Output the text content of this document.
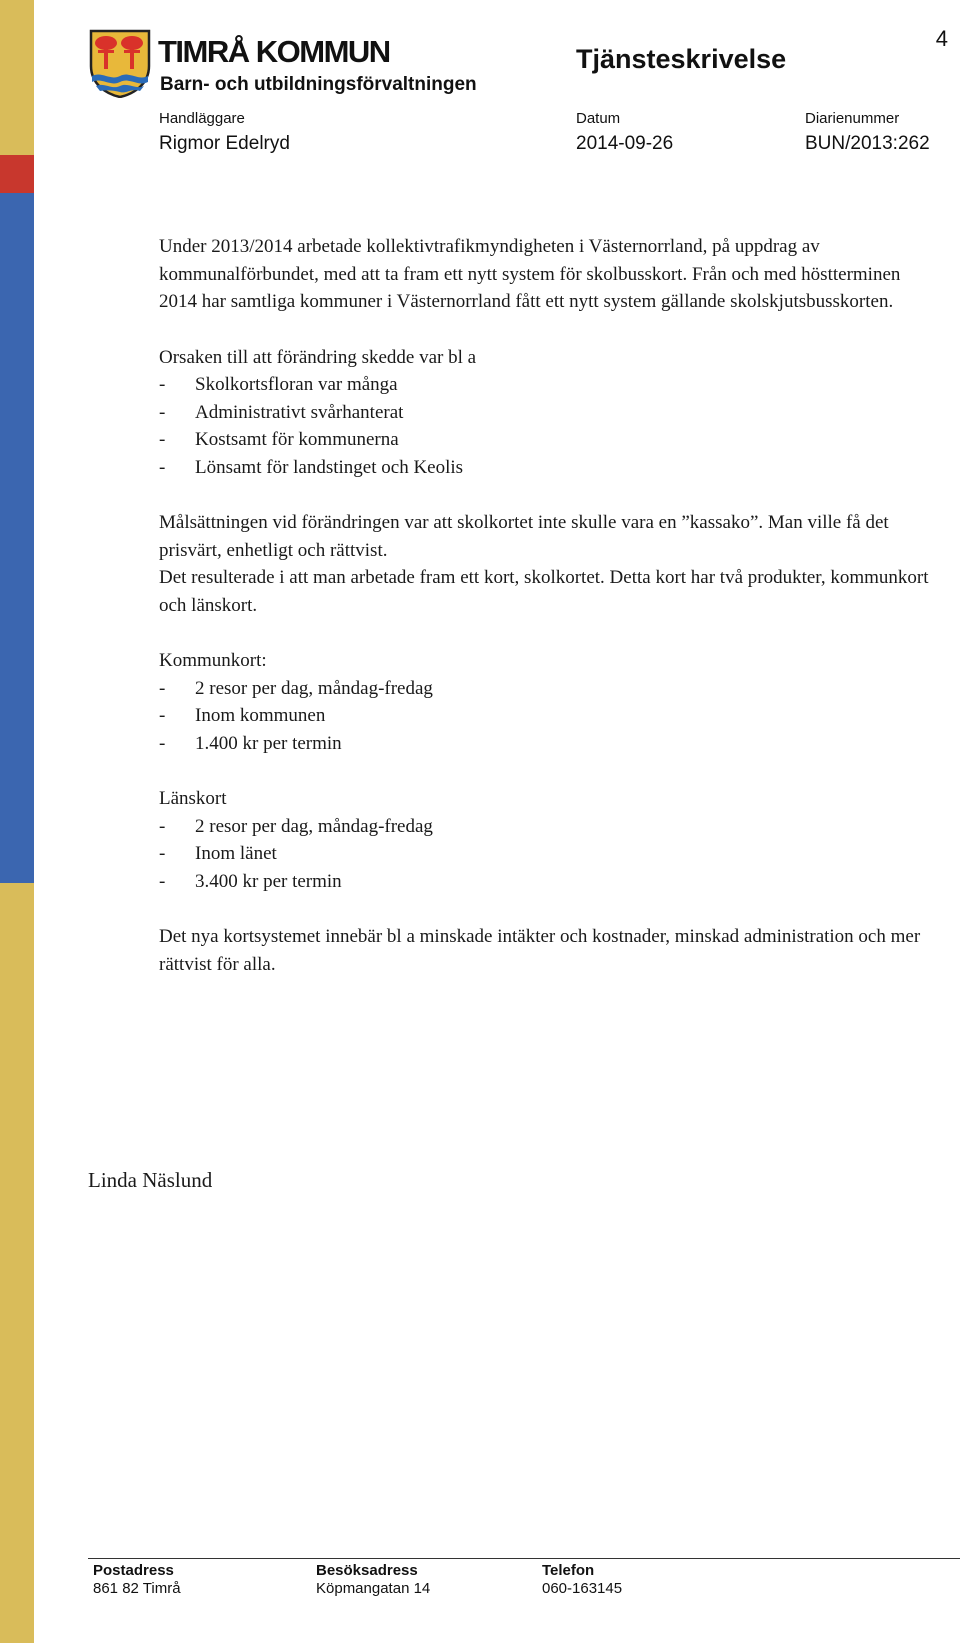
4
TIMRÅ KOMMUN
Barn- och utbildningsförvaltningen
Tjänsteskrivelse
Handläggare	Datum	Diarienummer
Rigmor Edelryd	2014-09-26	BUN/2013:262

Under 2013/2014 arbetade kollektivtrafikmyndigheten i Västernorrland, på uppdrag av kommunalförbundet, med att ta fram ett nytt system för skolbusskort. Från och med höstterminen 2014 har samtliga kommuner i Västernorrland fått ett nytt system gällande skolskjutsbusskorten.

Orsaken till att förändring skedde var bl a

-	Skolkortsfloran var många
-	Administrativt svårhanterat
-	Kostsamt för kommunerna
-	Lönsamt för landstinget och Keolis

Målsättningen vid förändringen var att skolkortet inte skulle vara en ”kassako”. Man ville få det prisvärt, enhetligt och rättvist.

Det resulterade i att man arbetade fram ett kort, skolkortet. Detta kort har två produkter, kommunkort och länskort.

Kommunkort:

-	2 resor per dag, måndag-fredag
-	Inom kommunen
-	1.400 kr per termin

Länskort

-	2 resor per dag, måndag-fredag
-	Inom länet
-	3.400 kr per termin

Det nya kortsystemet innebär bl a minskade intäkter och kostnader, minskad administration och mer rättvist för alla.

Linda Näslund
Postadress	Besöksadress	Telefon
861 82 Timrå	Köpmangatan 14	060-163145
